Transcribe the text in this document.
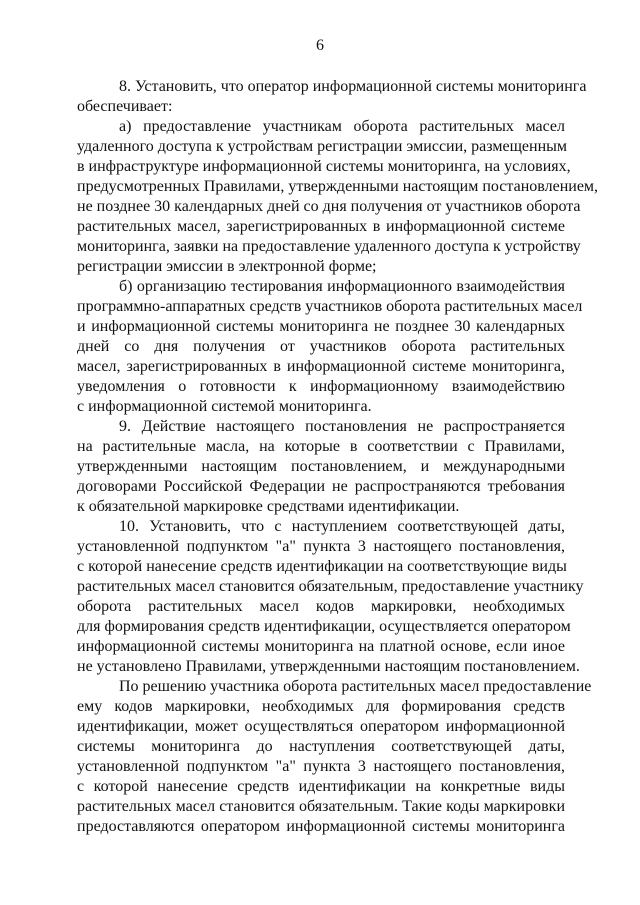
6
8. Установить, что оператор информационной системы мониторинга
обеспечивает:
а) предоставление участникам оборота растительных масел
удаленного доступа к устройствам регистрации эмиссии, размещенным
в инфраструктуре информационной системы мониторинга, на условиях,
предусмотренных Правилами, утвержденными настоящим постановлением,
не позднее 30 календарных дней со дня получения от участников оборота
растительных масел, зарегистрированных в информационной системе
мониторинга, заявки на предоставление удаленного доступа к устройству
регистрации эмиссии в электронной форме;
б) организацию тестирования информационного взаимодействия
программно-аппаратных средств участников оборота растительных масел
и информационной системы мониторинга не позднее 30 календарных
дней со дня получения от участников оборота растительных
масел, зарегистрированных в информационной системе мониторинга,
уведомления о готовности к информационному взаимодействию
с информационной системой мониторинга.
9. Действие настоящего постановления не распространяется
на растительные масла, на которые в соответствии с Правилами,
утвержденными настоящим постановлением, и международными
договорами Российской Федерации не распространяются требования
к обязательной маркировке средствами идентификации.
10. Установить, что с наступлением соответствующей даты,
установленной подпунктом "а" пункта 3 настоящего постановления,
с которой нанесение средств идентификации на соответствующие виды
растительных масел становится обязательным, предоставление участнику
оборота растительных масел кодов маркировки, необходимых
для формирования средств идентификации, осуществляется оператором
информационной системы мониторинга на платной основе, если иное
не установлено Правилами, утвержденными настоящим постановлением.
По решению участника оборота растительных масел предоставление
ему кодов маркировки, необходимых для формирования средств
идентификации, может осуществляться оператором информационной
системы мониторинга до наступления соответствующей даты,
установленной подпунктом "а" пункта 3 настоящего постановления,
с которой нанесение средств идентификации на конкретные виды
растительных масел становится обязательным. Такие коды маркировки
предоставляются оператором информационной системы мониторинга
